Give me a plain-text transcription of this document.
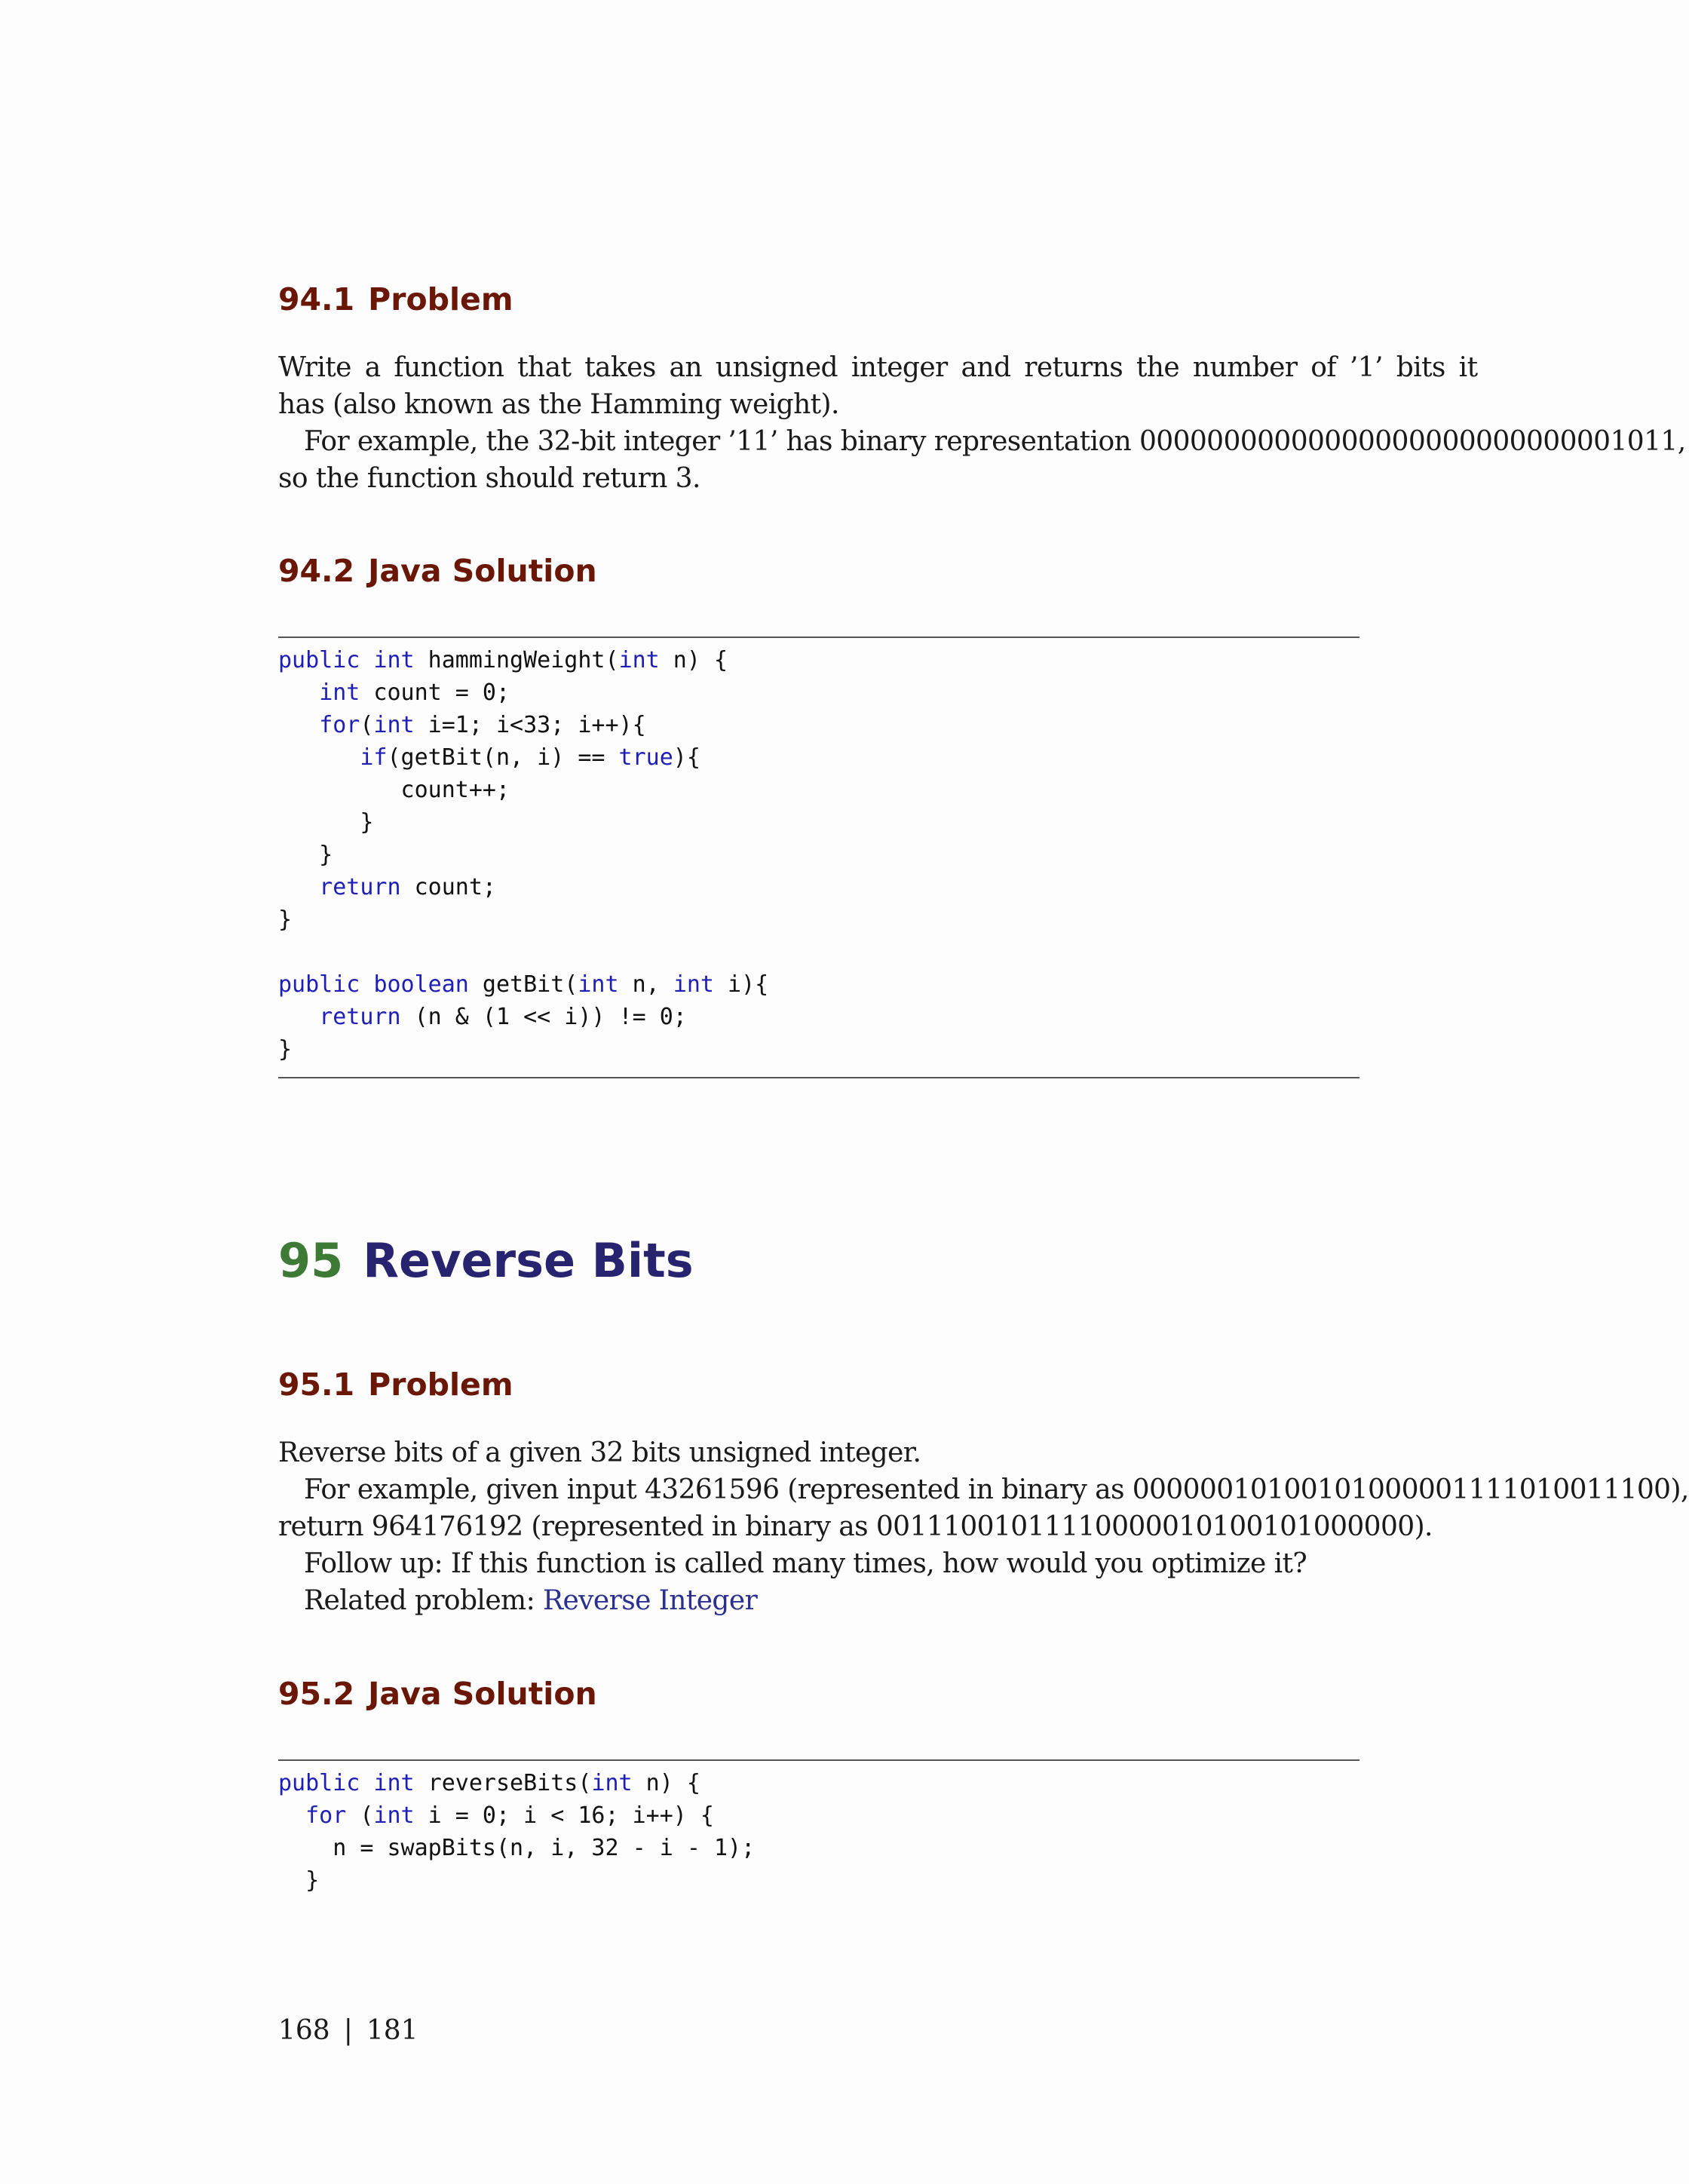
94.1 Problem
Write a function that takes an unsigned integer and returns the number of ’1’ bits it
has (also known as the Hamming weight).
For example, the 32-bit integer ’11’ has binary representation 00000000000000000000000000001011,
so the function should return 3.
94.2 Java Solution
public int hammingWeight(int n) {
int count = 0;
for(int i=1; i<33; i++){
if(getBit(n, i) == true){
count++;
}
}
return count;
}

public boolean getBit(int n, int i){
return (n & (1 << i)) != 0;
}
95 Reverse Bits
95.1 Problem
Reverse bits of a given 32 bits unsigned integer.
For example, given input 43261596 (represented in binary as 00000010100101000001111010011100),
return 964176192 (represented in binary as 00111001011110000010100101000000).
Follow up: If this function is called many times, how would you optimize it?
Related problem: Reverse Integer
95.2 Java Solution
public int reverseBits(int n) {
for (int i = 0; i < 16; i++) {
n = swapBits(n, i, 32 - i - 1);
}
168 | 181
